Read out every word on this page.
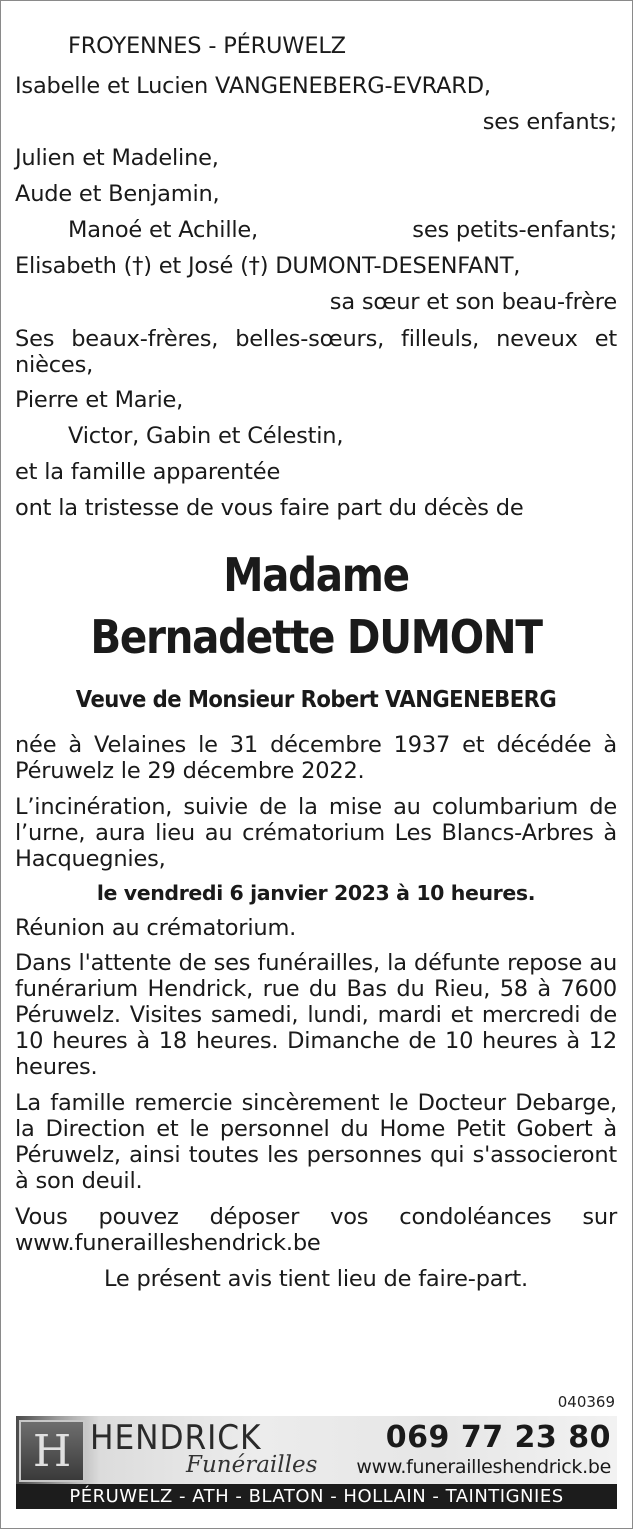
FROYENNES - PÉRUWELZ
Isabelle et Lucien VANGENEBERG-EVRARD,
ses enfants;
Julien et Madeline,
Aude et Benjamin,
Manoé et Achille,	ses petits-enfants;
Elisabeth (†) et José (†) DUMONT-DESENFANT,
sa sœur et son beau-frère
Ses beaux-frères, belles-sœurs, filleuls, neveux et nièces,
Pierre et Marie,
Victor, Gabin et Célestin,
et la famille apparentée
ont la tristesse de vous faire part du décès de
Madame
Bernadette DUMONT
Veuve de Monsieur Robert VANGENEBERG
née à Velaines le 31 décembre 1937 et décédée à Péruwelz le 29 décembre 2022.
L’incinération, suivie de la mise au columbarium de l’urne, aura lieu au crématorium Les Blancs-Arbres à Hacquegnies,
le vendredi 6 janvier 2023 à 10 heures.
Réunion au crématorium.
Dans l'attente de ses funérailles, la défunte repose au funérarium Hendrick, rue du Bas du Rieu, 58 à 7600 Péruwelz. Visites samedi, lundi, mardi et mercredi de 10 heures à 18 heures. Dimanche de 10 heures à 12 heures.
La famille remercie sincèrement le Docteur Debarge, la Direction et le personnel du Home Petit Gobert à Péruwelz, ainsi toutes les personnes qui s'associeront à son deuil.
Vous pouvez déposer vos condoléances sur www.funerailleshendrick.be
Le présent avis tient lieu de faire-part.
040369
H HENDRICK
Funérailles
069 77 23 80
www.funerailleshendrick.be
PÉRUWELZ - ATH - BLATON - HOLLAIN - TAINTIGNIES
